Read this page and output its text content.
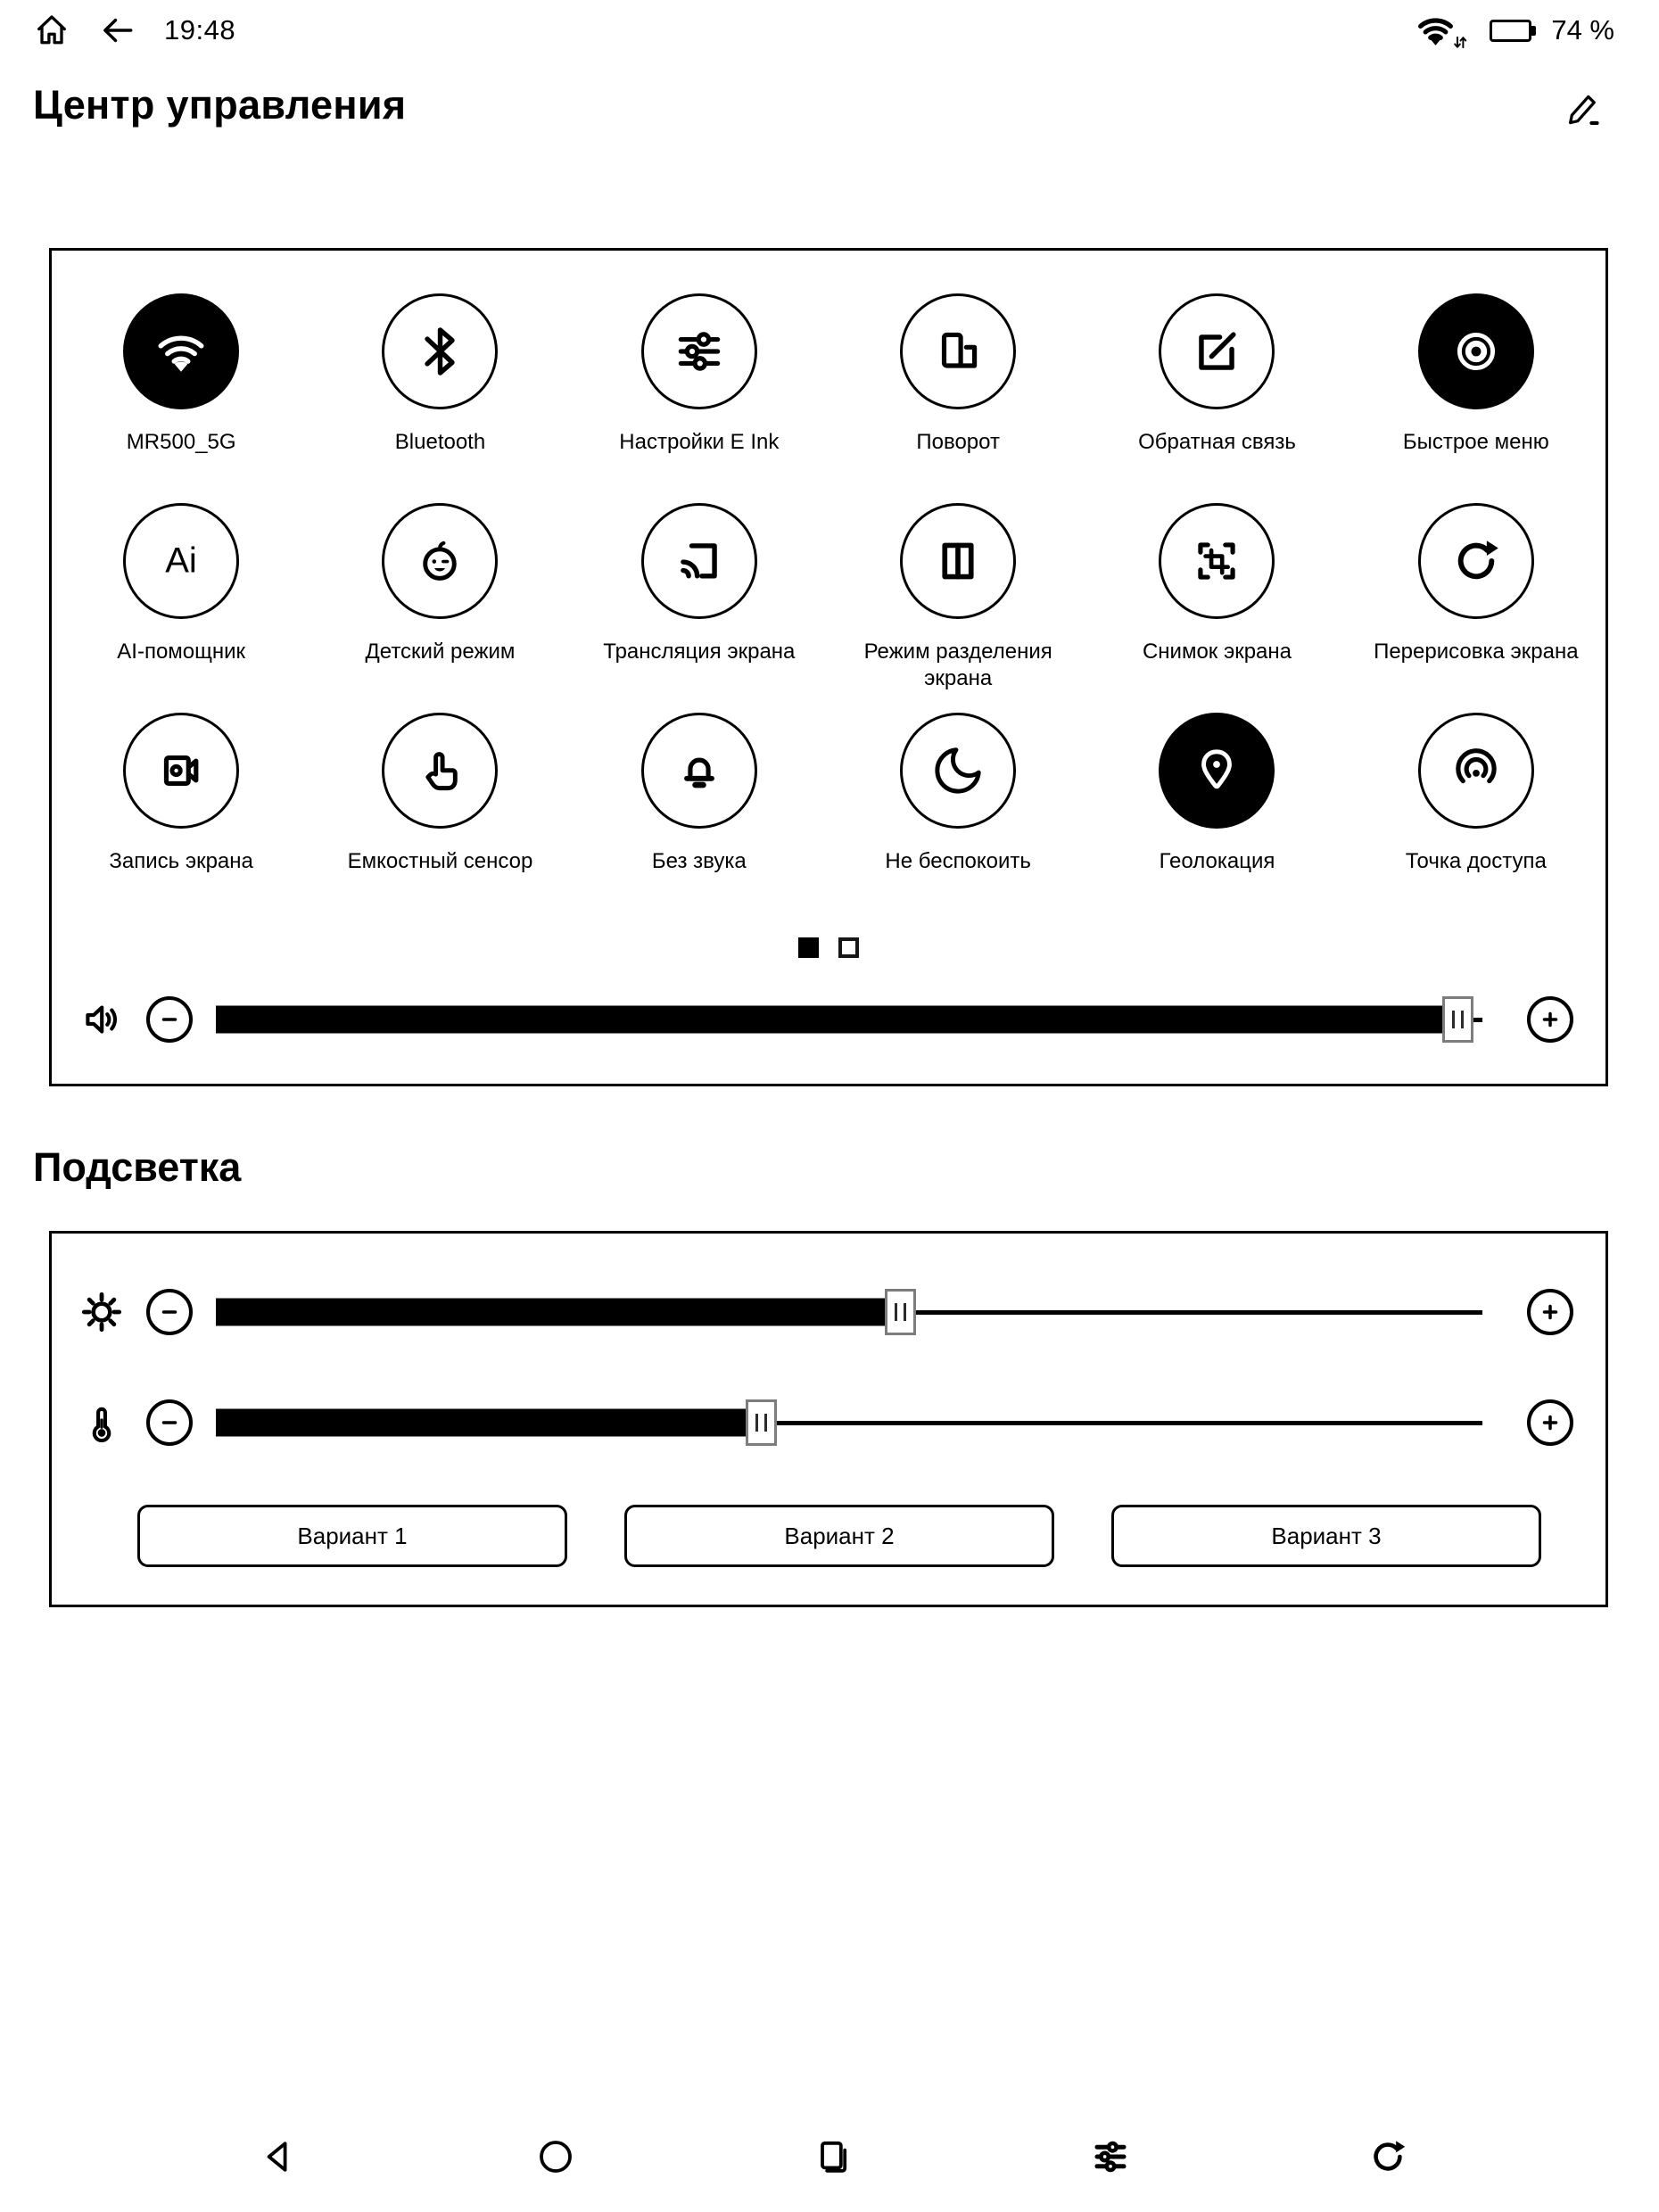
19:48	74 %
Центр управления
MR500_5G	Bluetooth	Настройки E Ink	Поворот	Обратная связь	Быстрое меню
Ai
AI-помощник	Детский режим	Трансляция экрана	Режим разделения экрана
Снимок экрана	Перерисовка экрана
Запись экрана	Емкостный сенсор	Без звука	Не беспокоить	Геолокация	Точка доступа
Подсветка
Вариант 1	Вариант 2	Вариант 3
